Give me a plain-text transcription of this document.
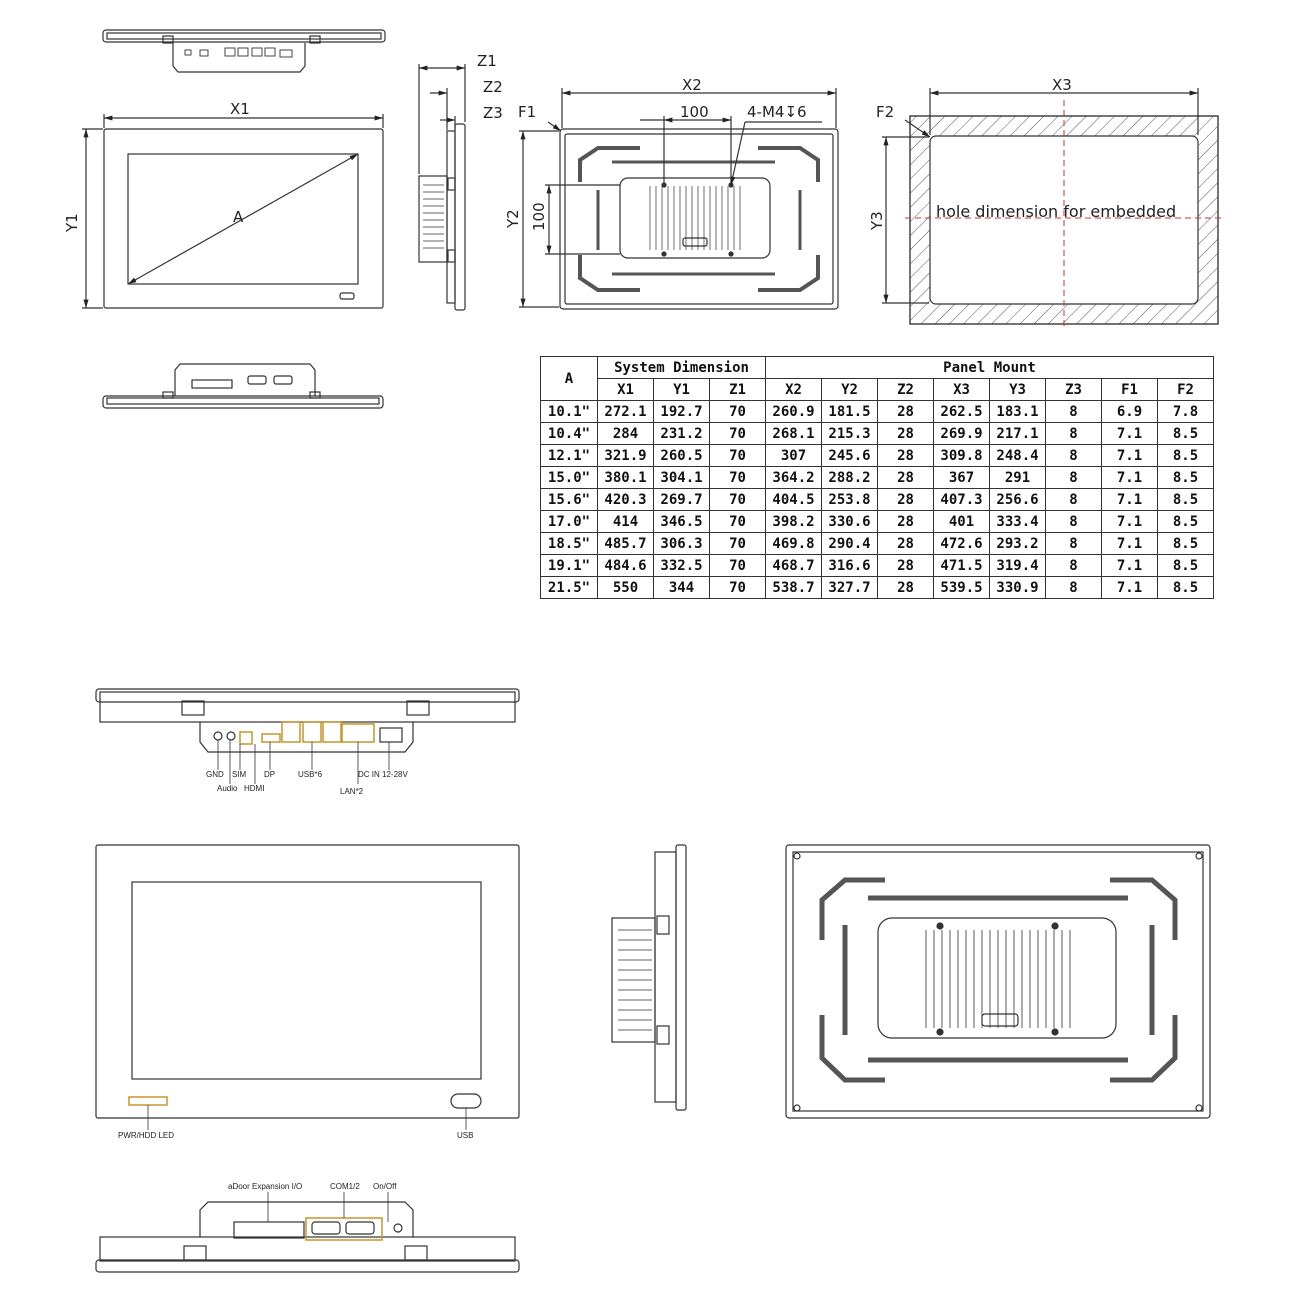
X1
Y1	A
Z1
Z2
Z3
X2
F1	100	4-M4↧6
Y2 100
X3
F2
Y3	hole dimension for embedded
GND SIM DP	USB*6	DC IN 12-28V
Audio HDMI	LAN*2
PWR/HDD LED	USB
aDoor Expansion I/O	COM1/2 On/Off
A	System Dimension			Panel Mount							
	X1	Y1	Z1	X2	Y2	Z2	X3	Y3	Z3	F1	F2
10.1"	272.1	192.7	70	260.9	181.5	28	262.5	183.1	8	6.9	7.8
10.4"	284	231.2	70	268.1	215.3	28	269.9	217.1	8	7.1	8.5
12.1"	321.9	260.5	70	307	245.6	28	309.8	248.4	8	7.1	8.5
15.0"	380.1	304.1	70	364.2	288.2	28	367	291	8	7.1	8.5
15.6"	420.3	269.7	70	404.5	253.8	28	407.3	256.6	8	7.1	8.5
17.0"	414	346.5	70	398.2	330.6	28	401	333.4	8	7.1	8.5
18.5"	485.7	306.3	70	469.8	290.4	28	472.6	293.2	8	7.1	8.5
19.1"	484.6	332.5	70	468.7	316.6	28	471.5	319.4	8	7.1	8.5
21.5"	550	344	70	538.7	327.7	28	539.5	330.9	8	7.1	8.5
